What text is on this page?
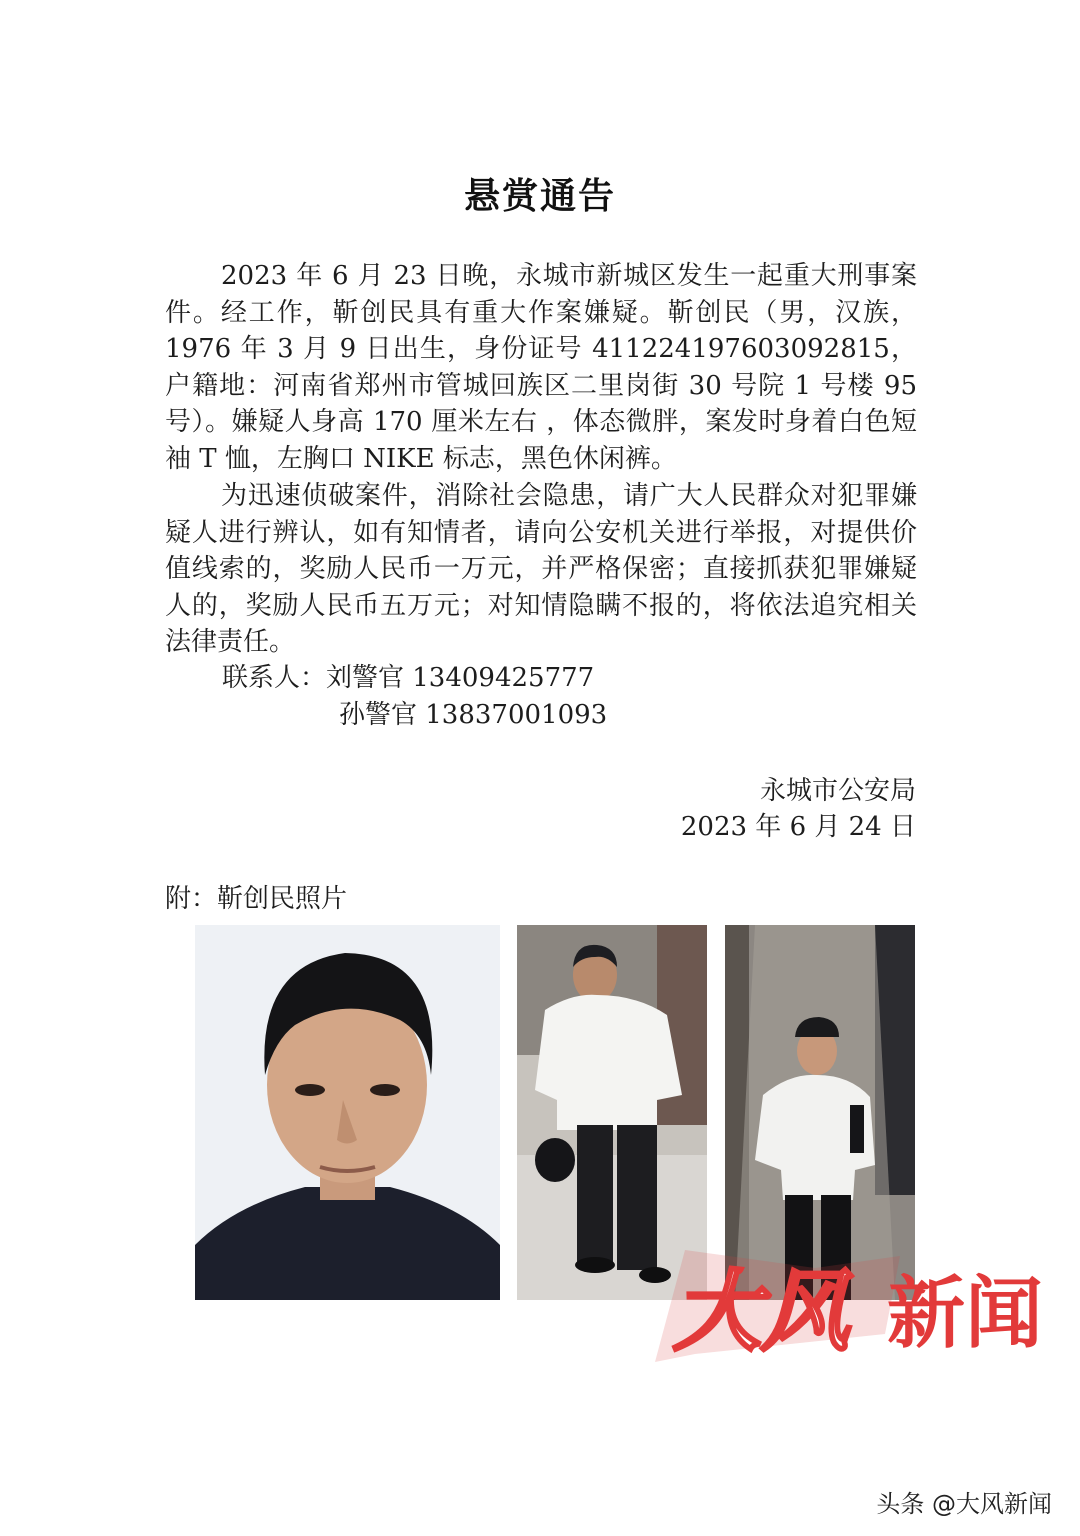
悬赏通告

2023 年 6 月 23 日晚，永城市新城区发生一起重大刑事案件。经工作，靳创民具有重大作案嫌疑。靳创民（男，汉族，1976 年 3 月 9 日出生，身份证号 411224197603092815，户籍地：河南省郑州市管城回族区二里岗街 30 号院 1 号楼 95 号）。嫌疑人身高 170 厘米左右 ，体态微胖，案发时身着白色短袖 T 恤，左胸口 NIKE 标志，黑色休闲裤。

为迅速侦破案件，消除社会隐患，请广大人民群众对犯罪嫌疑人进行辨认，如有知情者，请向公安机关进行举报，对提供价值线索的，奖励人民币一万元，并严格保密；直接抓获犯罪嫌疑人的，奖励人民币五万元；对知情隐瞒不报的，将依法追究相关法律责任。

联系人：刘警官 13409425777
孙警官 13837001093
永城市公安局
2023 年 6 月 24 日
附：靳创民照片
大风 新闻
头条 @大风新闻
